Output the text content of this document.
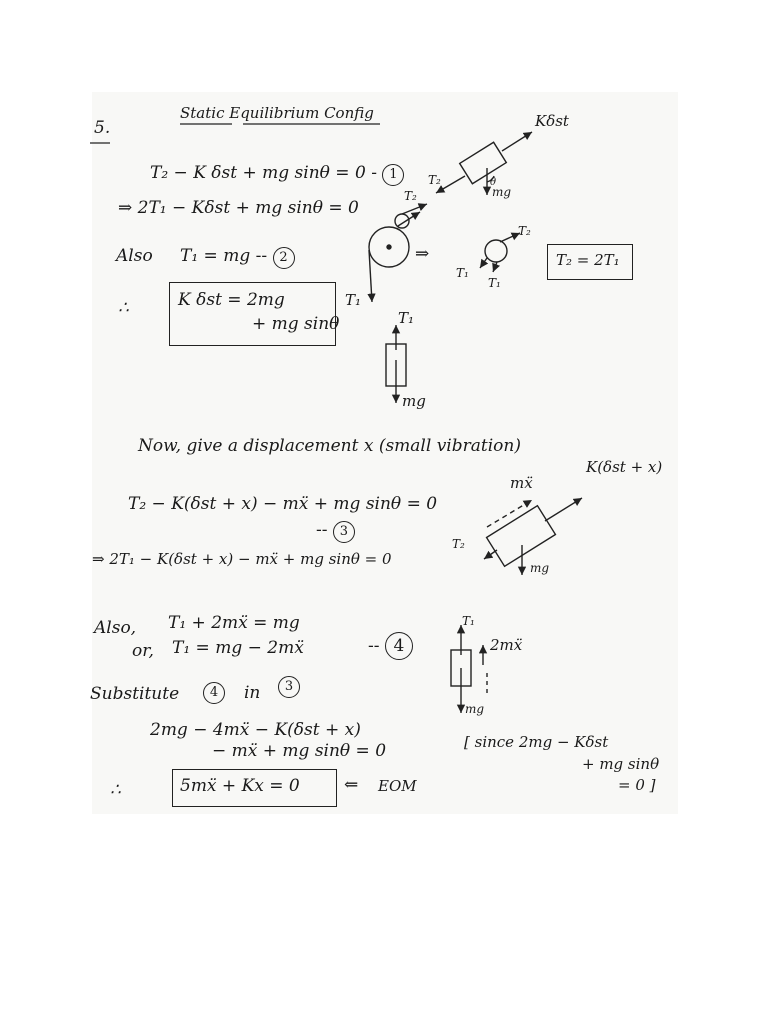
5.
Static Equilibrium Config
T₂ − K δst + mg sinθ = 0 - 1
⇒ 2T₁ − Kδst + mg sinθ = 0
Also T₁ = mg -- 2
∴	K δst = 2mg
+ mg sinθ
Kδst
T₂
T₂
θ
mg
T₁
T₁
mg
⇒
T₂
T₁
T₁
T₂ = 2T₁
Now, give a displacement x (small vibration)
T₂ − K(δst + x) − mẍ + mg sinθ = 0
-- 3
⇒ 2T₁ − K(δst + x) − mẍ + mg sinθ = 0
Also, T₁ + 2mẍ = mg
or, T₁ = mg − 2mẍ	-- 4
Substitute	4	in	3
2mg − 4mẍ − K(δst + x)
− mẍ + mg sinθ = 0
∴	5mẍ + Kx = 0	⇐ EOM
[ since 2mg − Kδst
+ mg sinθ
= 0 ]
mẍ
K(δst + x)
T₂
mg
T₁
2mẍ
mg
